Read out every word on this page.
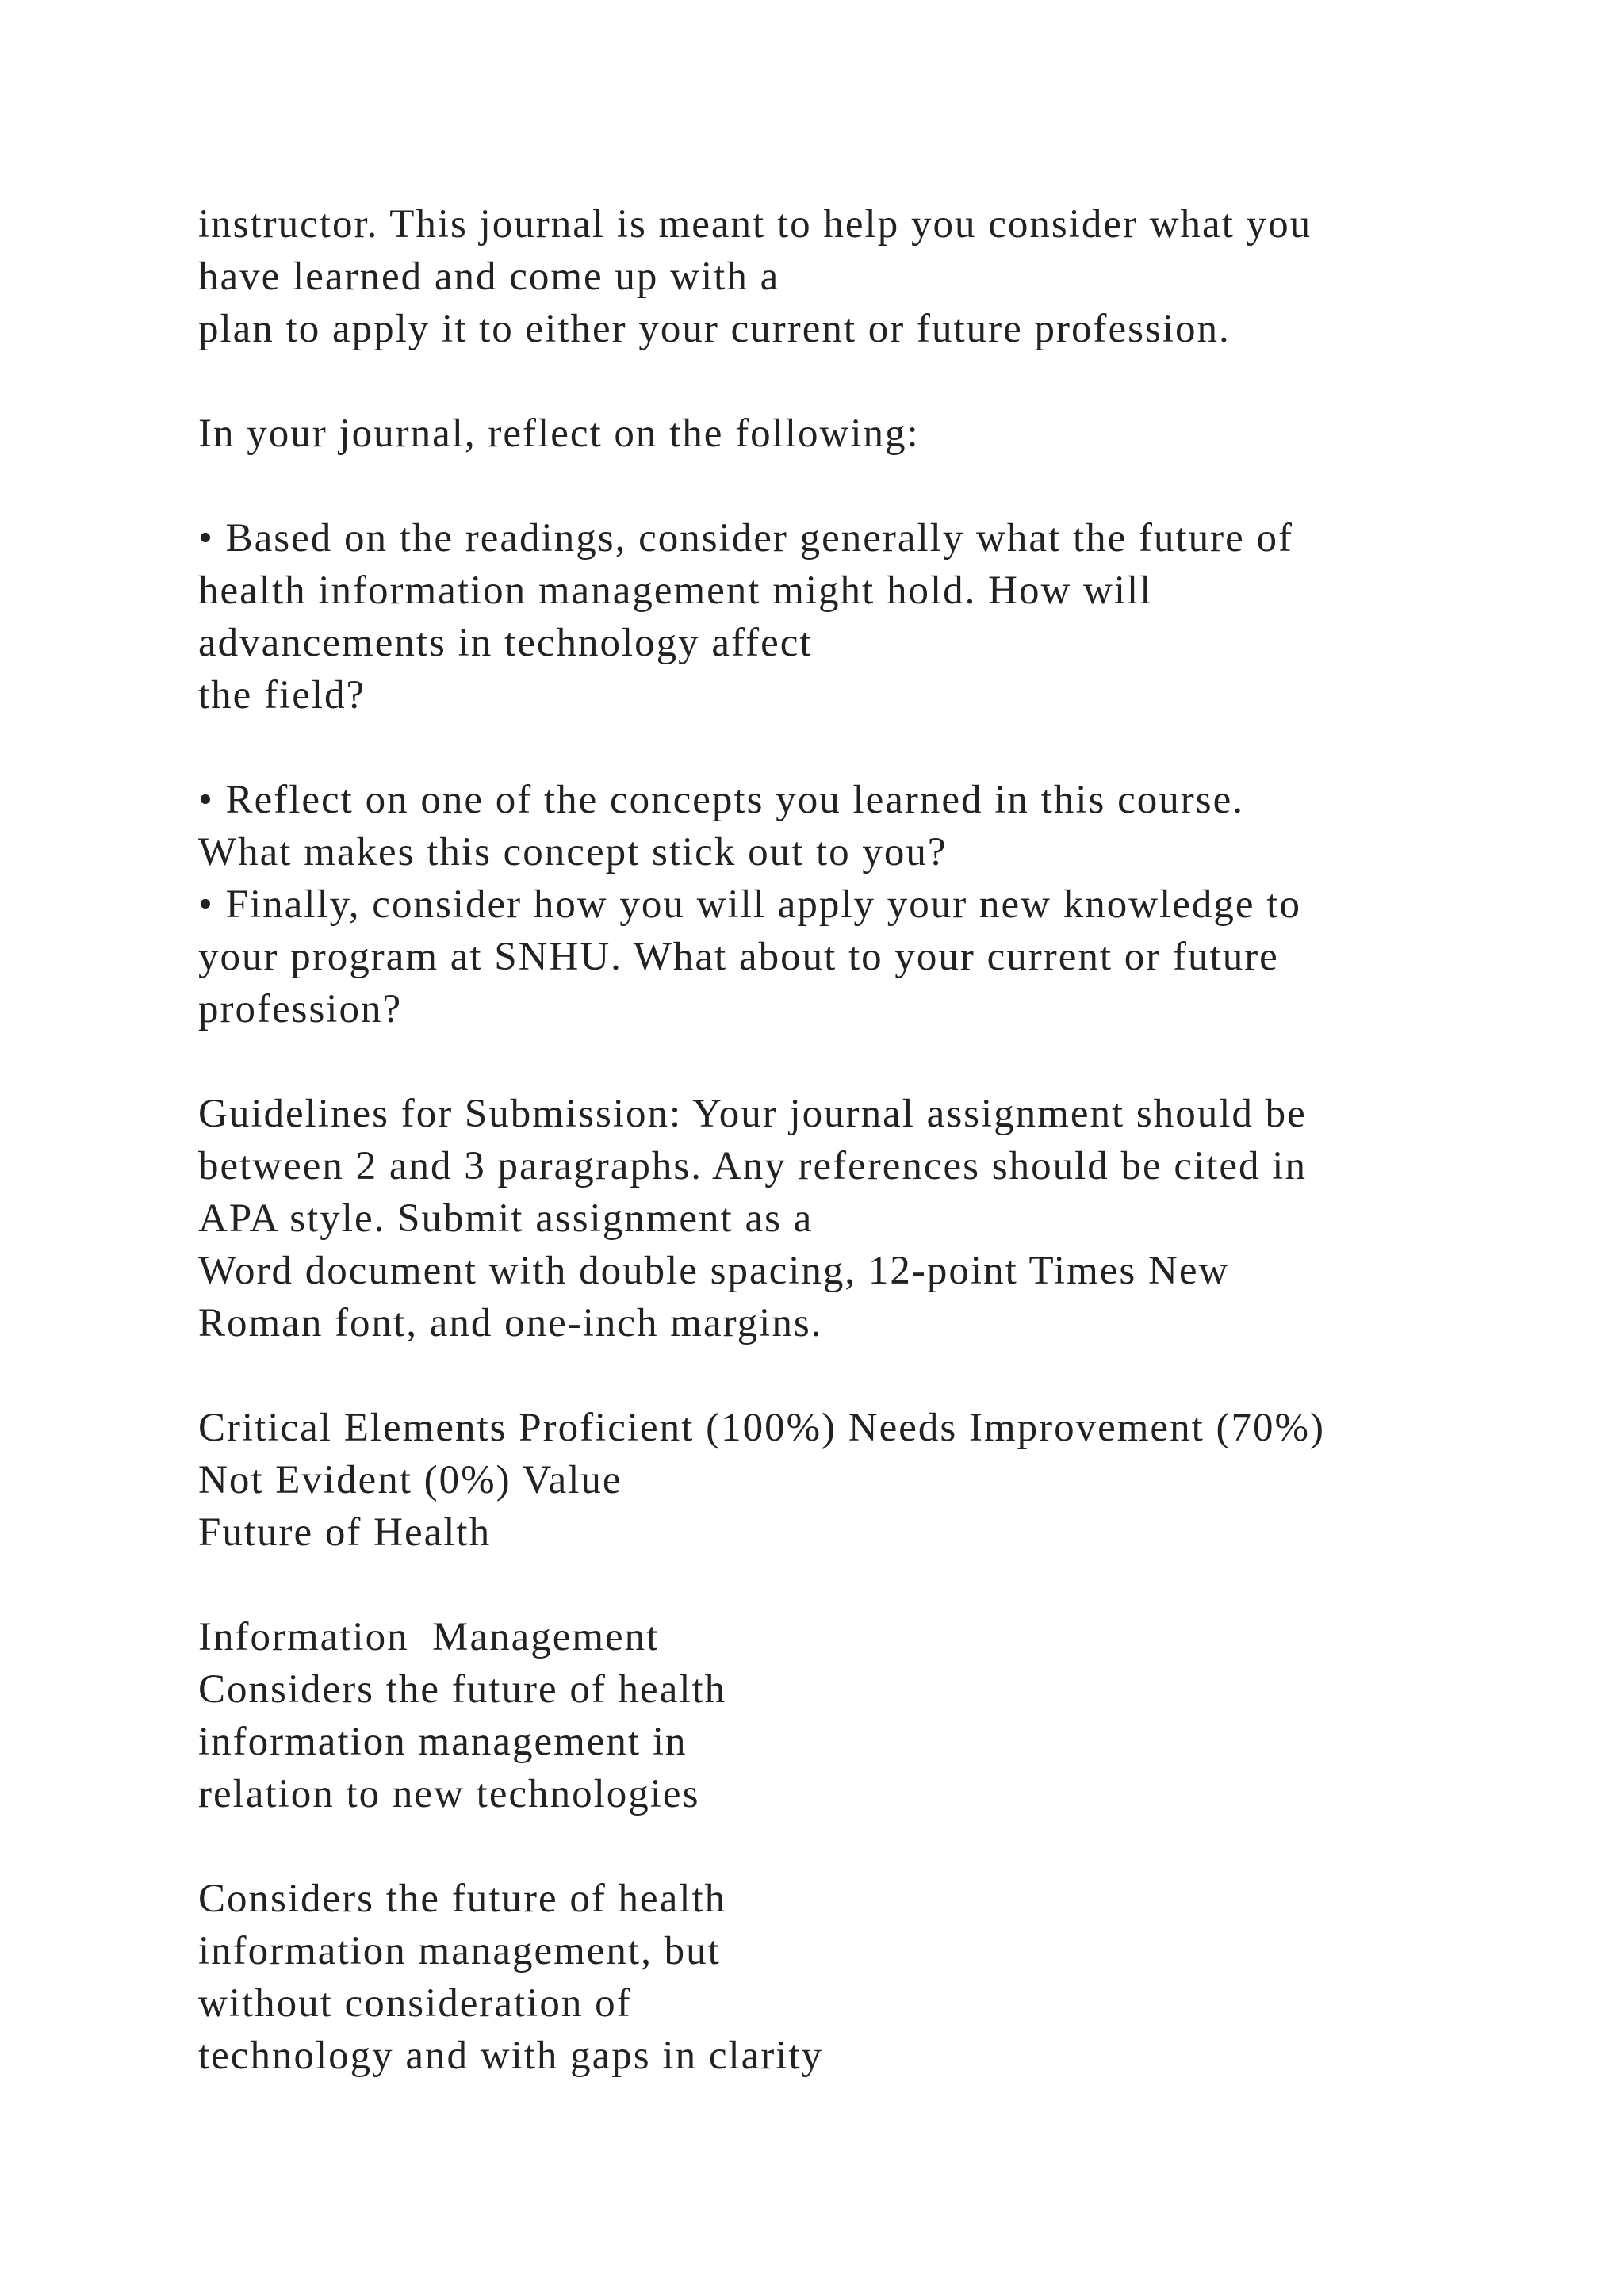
instructor. This journal is meant to help you consider what you
have learned and come up with a
plan to apply it to either your current or future profession.
In your journal, reflect on the following:
• Based on the readings, consider generally what the future of
health information management might hold. How will
advancements in technology affect
the field?
• Reflect on one of the concepts you learned in this course.
What makes this concept stick out to you?
• Finally, consider how you will apply your new knowledge to
your program at SNHU. What about to your current or future
profession?
Guidelines for Submission: Your journal assignment should be
between 2 and 3 paragraphs. Any references should be cited in
APA style. Submit assignment as a
Word document with double spacing, 12-point Times New
Roman font, and one-inch margins.
Critical Elements Proficient (100%) Needs Improvement (70%)
Not Evident (0%) Value
Future of Health
Information  Management
Considers the future of health
information management in
relation to new technologies
Considers the future of health
information management, but
without consideration of
technology and with gaps in clarity
